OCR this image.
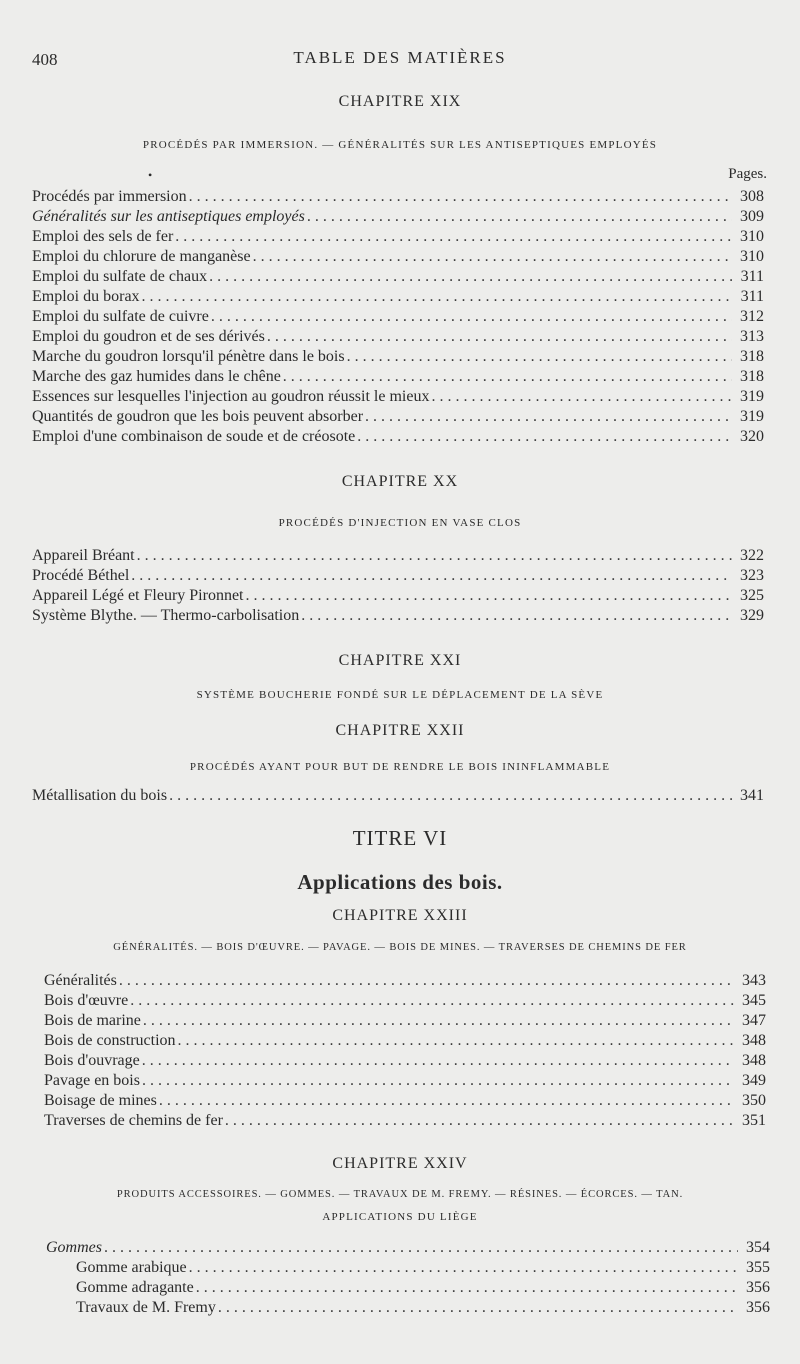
408	TABLE DES MATIÈRES
CHAPITRE XIX
PROCÉDÉS PAR IMMERSION. — GÉNÉRALITÉS SUR LES ANTISEPTIQUES EMPLOYÉS
•	Pages.
Procédés par immersion . . .	308
Généralités sur les antiseptiques employés . . .	309
Emploi des sels de fer . . .	310
Emploi du chlorure de manganèse . . .	310
Emploi du sulfate de chaux . . .	311
Emploi du borax . . .	311
Emploi du sulfate de cuivre . . .	312
Emploi du goudron et de ses dérivés . . .	313
Marche du goudron lorsqu'il pénètre dans le bois . . .	318
Marche des gaz humides dans le chêne . . .	318
Essences sur lesquelles l'injection au goudron réussit le mieux . . .	319
Quantités de goudron que les bois peuvent absorber . . .	319
Emploi d'une combinaison de soude et de créosote . . .	320
CHAPITRE XX
PROCÉDÉS D'INJECTION EN VASE CLOS
Appareil Bréant . . .	322
Procédé Béthel . . .	323
Appareil Légé et Fleury Pironnet . . .	325
Système Blythe. — Thermo-carbolisation . . .	329
CHAPITRE XXI
SYSTÈME BOUCHERIE FONDÉ SUR LE DÉPLACEMENT DE LA SÈVE
CHAPITRE XXII
PROCÉDÉS AYANT POUR BUT DE RENDRE LE BOIS ININFLAMMABLE
Métallisation du bois . . .	341
TITRE VI
Applications des bois.
CHAPITRE XXIII
GÉNÉRALITÉS. — BOIS D'ŒUVRE. — PAVAGE. — BOIS DE MINES. — TRAVERSES DE CHEMINS DE FER
Généralités . . .	343
Bois d'œuvre . . .	345
Bois de marine . . .	347
Bois de construction . . .	348
Bois d'ouvrage . . .	348
Pavage en bois . . .	349
Boisage de mines . . .	350
Traverses de chemins de fer . . .	351
CHAPITRE XXIV
PRODUITS ACCESSOIRES. — GOMMES. — TRAVAUX DE M. FREMY. — RÉSINES. — ÉCORCES. — TAN.
APPLICATIONS DU LIÈGE
Gommes . . .	354
Gomme arabique . . .	355
Gomme adragante . . .	356
Travaux de M. Fremy . . .	356
